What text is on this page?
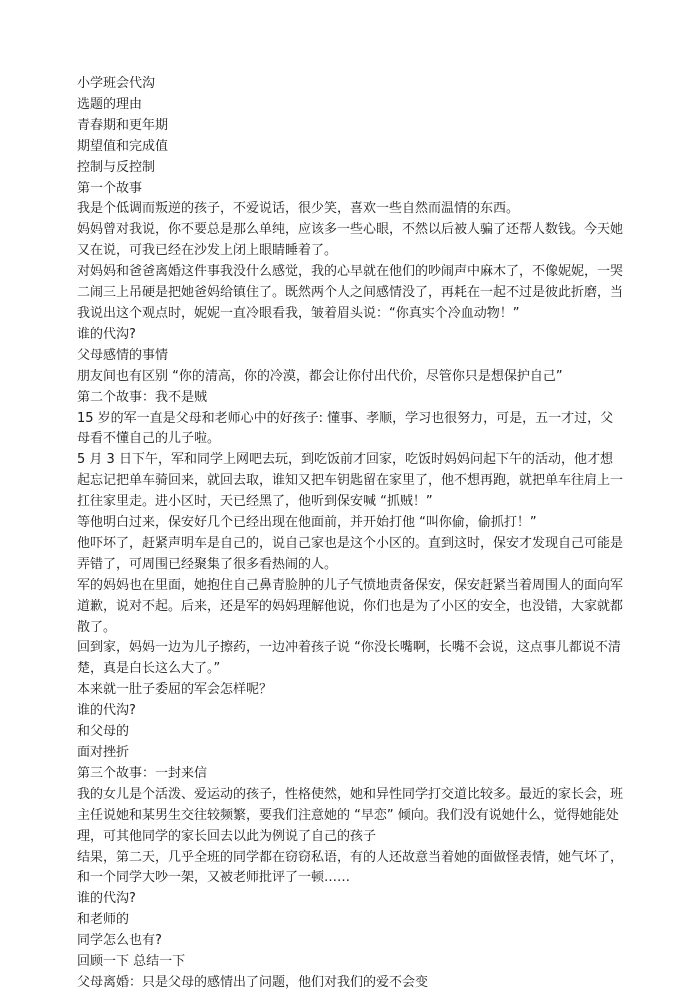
小学班会代沟

选题的理由

青春期和更年期

期望值和完成值

控制与反控制

第一个故事

我是个低调而叛逆的孩子，不爱说话，很少笑，喜欢一些自然而温情的东西。

妈妈曾对我说，你不要总是那么单纯，应该多一些心眼，不然以后被人骗了还帮人数钱。今天她又在说，可我已经在沙发上闭上眼睛睡着了。

对妈妈和爸爸离婚这件事我没什么感觉，我的心早就在他们的吵闹声中麻木了，不像妮妮，一哭二闹三上吊硬是把她爸妈给镇住了。既然两个人之间感情没了，再耗在一起不过是彼此折磨，当我说出这个观点时，妮妮一直冷眼看我，皱着眉头说：“你真实个冷血动物！”

谁的代沟?

父母感情的事情

朋友间也有区别 “你的清高，你的冷漠，都会让你付出代价，尽管你只是想保护自己”

第二个故事：我不是贼

15 岁的军一直是父母和老师心中的好孩子: 懂事、孝顺，学习也很努力，可是，五一才过，父母看不懂自己的儿子啦。

5 月 3 日下午，军和同学上网吧去玩，到吃饭前才回家，吃饭时妈妈问起下午的活动，他才想起忘记把单车骑回来，就回去取，谁知又把车钥匙留在家里了，他不想再跑，就把单车往肩上一扛往家里走。进小区时，天已经黑了，他听到保安喊 “抓贼！”

等他明白过来，保安好几个已经出现在他面前，并开始打他 “叫你偷，偷抓打！”

他吓坏了，赶紧声明车是自己的，说自己家也是这个小区的。直到这时，保安才发现自己可能是弄错了，可周围已经聚集了很多看热闹的人。

军的妈妈也在里面，她抱住自己鼻青脸肿的儿子气愤地责备保安，保安赶紧当着周围人的面向军道歉，说对不起。后来，还是军的妈妈理解他说，你们也是为了小区的安全，也没错，大家就都散了。

回到家，妈妈一边为儿子擦药，一边冲着孩子说 “你没长嘴啊，长嘴不会说，这点事儿都说不清楚，真是白长这么大了。”

本来就一肚子委屈的军会怎样呢？

谁的代沟?

和父母的

面对挫折

第三个故事：一封来信

我的女儿是个活泼、爱运动的孩子，性格使然，她和异性同学打交道比较多。最近的家长会，班主任说她和某男生交往较频繁，要我们注意她的 “早恋” 倾向。我们没有说她什么，觉得她能处理，可其他同学的家长回去以此为例说了自己的孩子

结果，第二天，几乎全班的同学都在窃窃私语，有的人还故意当着她的面做怪表情，她气坏了，和一个同学大吵一架，又被老师批评了一顿……

谁的代沟?

和老师的

同学怎么也有?

回顾一下 总结一下

父母离婚：只是父母的感情出了问题，他们对我们的爱不会变
